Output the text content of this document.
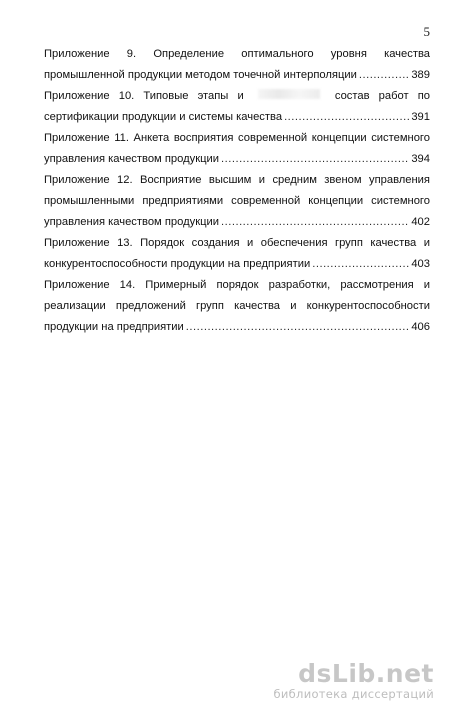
5
Приложение 9. Определение оптимального уровня качества
промышленной продукции методом точечной интерполяции .....	389
Приложение 10. Типовые этапы и	состав работ по
сертификации продукции и системы качества .....	391
Приложение 11. Анкета восприятия современной концепции системного
управления качеством продукции .....	394
Приложение 12. Восприятие высшим и средним звеном управления
промышленными предприятиями современной концепции системного
управления качеством продукции .....	402
Приложение 13. Порядок создания и обеспечения групп качества и
конкурентоспособности продукции на предприятии .....	403
Приложение 14. Примерный порядок разработки, рассмотрения и
реализации предложений групп качества и конкурентоспособности
продукции на предприятии .....	406
dsLib.net
библиотека диссертаций
